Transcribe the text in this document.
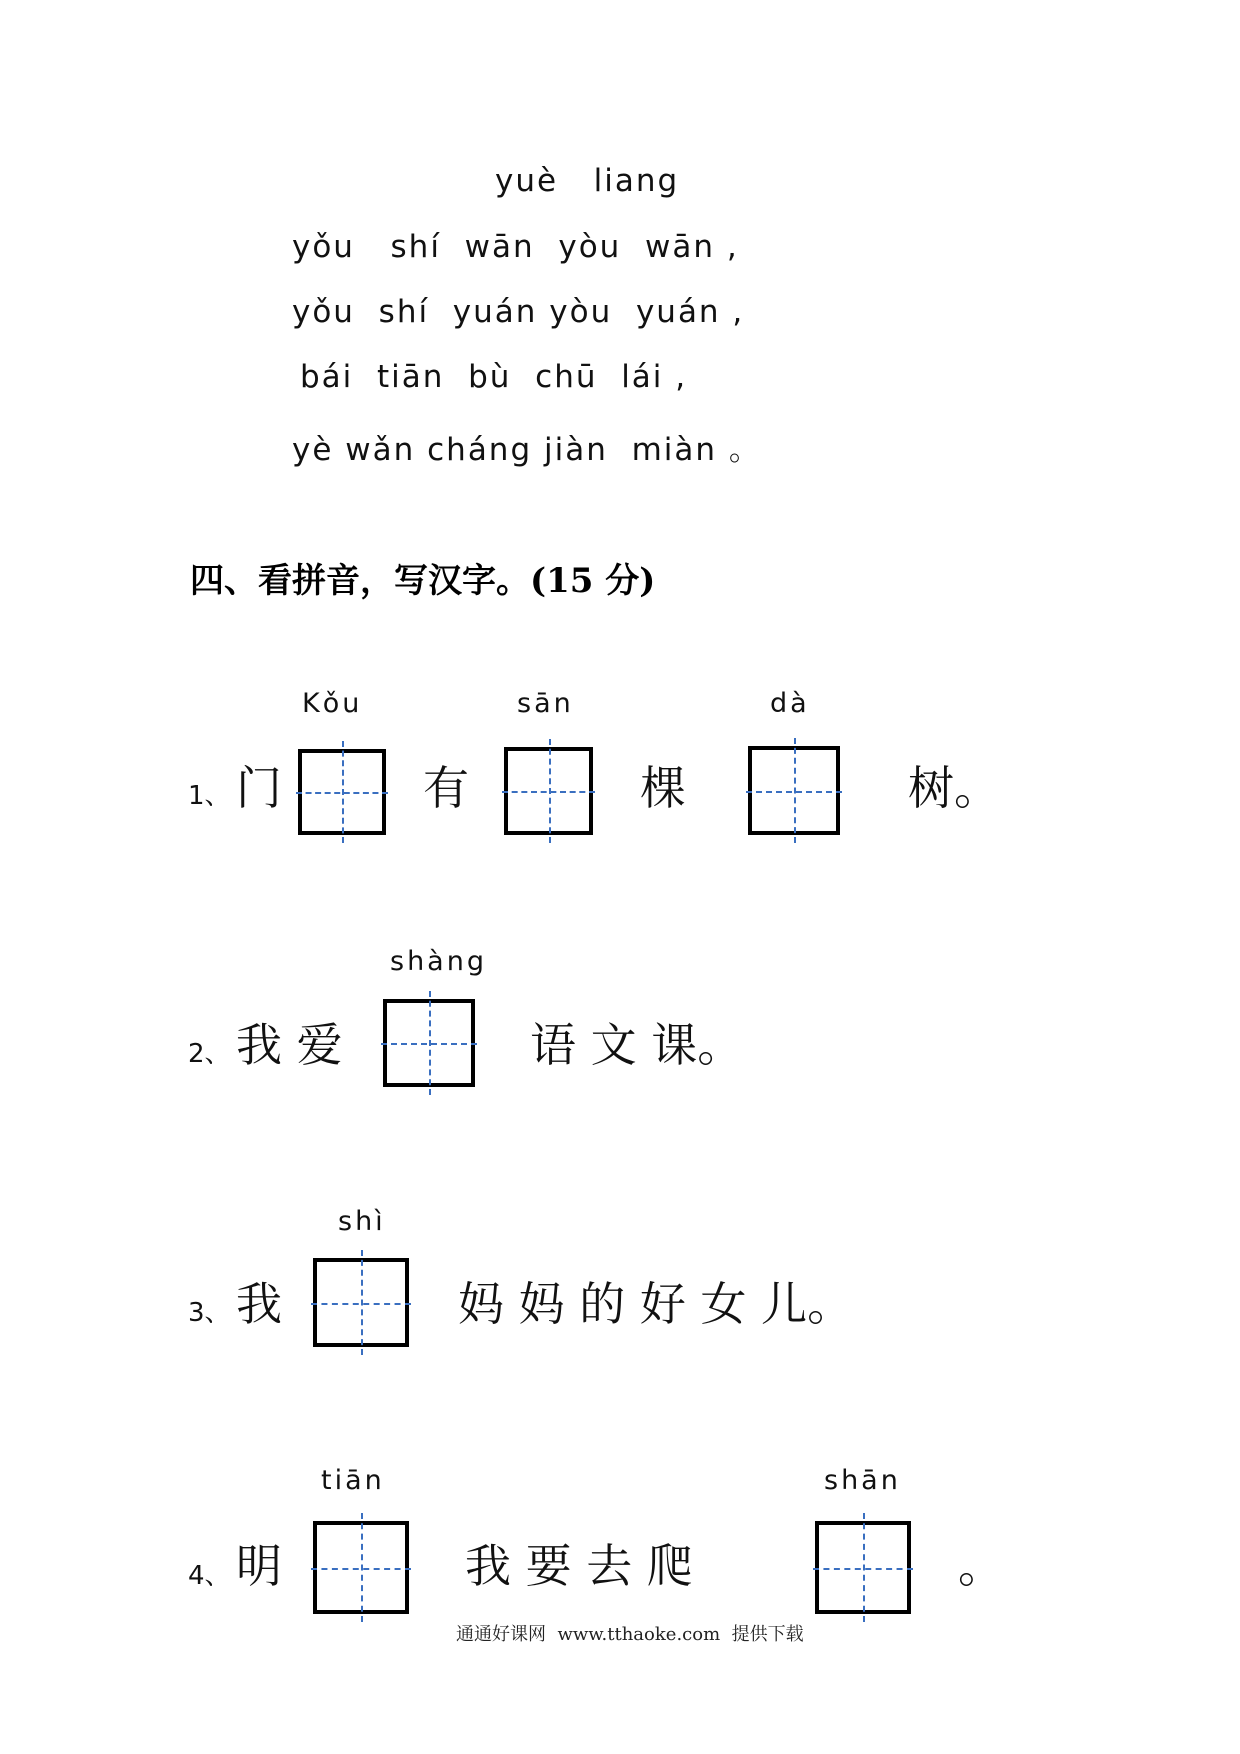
yuè   liang
yǒu   shí  wān  yòu  wān ,
yǒu  shí  yuán yòu  yuán ,
bái  tiān  bù  chū  lái ,
yè wǎn cháng jiàn  miàn 。
四、看拼音，写汉字。(15 分)
Kǒu	sān	dà
1、 门	有	棵	树。
shàng
2、 我 爱	语 文 课。
shì
3、 我	妈 妈 的 好 女 儿。
tiān	shān
4、 明	我 要 去 爬	。
通通好课网  www.tthaoke.com  提供下载
